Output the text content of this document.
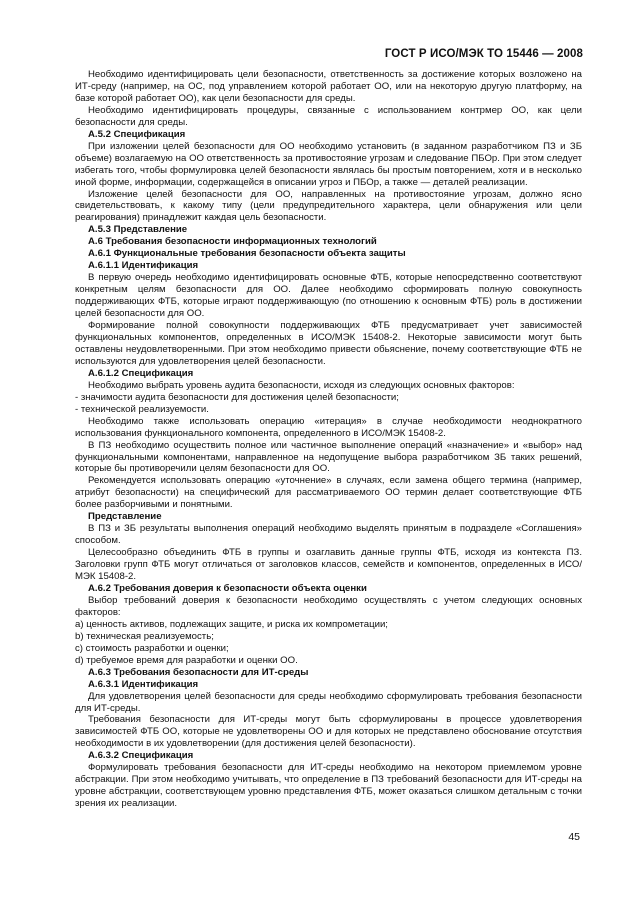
ГОСТ Р ИСО/МЭК ТО 15446 — 2008

Необходимо идентифицировать цели безопасности, ответственность за достижение которых возложено на ИТ-среду (например, на ОС, под управлением которой работает ОО, или на некоторую другую платформу, на базе которой работает ОО), как цели безопасности для среды.

Необходимо идентифицировать процедуры, связанные с использованием контрмер ОО, как цели безопасности для среды.

А.5.2 Спецификация

При изложении целей безопасности для ОО необходимо установить (в заданном разработчиком ПЗ и ЗБ объеме) возлагаемую на ОО ответственность за противостояние угрозам и следование ПБОр. При этом следует избегать того, чтобы формулировка целей безопасности являлась бы простым повторением, хотя и в несколько иной форме, информации, содержащейся в описании угроз и ПБОр, а также — деталей реализации.

Изложение целей безопасности для ОО, направленных на противостояние угрозам, должно ясно свидетельствовать, к какому типу (цели предупредительного характера, цели обнаружения или цели реагирования) принадлежит каждая цель безопасности.

А.5.3 Представление

А.6 Требования безопасности информационных технологий

А.6.1 Функциональные требования безопасности объекта защиты

А.6.1.1 Идентификация

В первую очередь необходимо идентифицировать основные ФТБ, которые непосредственно соответствуют конкретным целям безопасности для ОО. Далее необходимо сформировать полную совокупность поддерживающих ФТБ, которые играют поддерживающую (по отношению к основным ФТБ) роль в достижении целей безопасности для ОО.

Формирование полной совокупности поддерживающих ФТБ предусматривает учет зависимостей функциональных компонентов, определенных в ИСО/МЭК 15408-2. Некоторые зависимости могут быть оставлены неудовлетворенными. При этом необходимо привести обьяснение, почему соответствующие ФТБ не используются для удовлетворения целей безопасности.

А.6.1.2 Спецификация

Необходимо выбрать уровень аудита безопасности, исходя из следующих основных факторов:

- значимости аудита безопасности для достижения целей безопасности;

- технической реализуемости.

Необходимо также использовать операцию «итерация» в случае необходимости неоднократного использования функционального компонента, определенного в ИСО/МЭК 15408-2.

В ПЗ необходимо осуществить полное или частичное выполнение операций «назначение» и «выбор» над функциональными компонентами, направленное на недопущение выбора разработчиком ЗБ таких решений, которые бы противоречили целям безопасности для ОО.

Рекомендуется использовать операцию «уточнение» в случаях, если замена общего термина (например, атрибут безопасности) на специфический для рассматриваемого ОО термин делает соответствующие ФТБ более разборчивыми и понятными.

Представление

В ПЗ и ЗБ результаты выполнения операций необходимо выделять принятым в подразделе «Соглашения» способом.

Целесообразно объединить ФТБ в группы и озаглавить данные группы ФТБ, исходя из контекста ПЗ. Заголовки групп ФТБ могут отличаться от заголовков классов, семейств и компонентов, определенных в ИСО/МЭК 15408-2.

А.6.2 Требования доверия к безопасности объекта оценки

Выбор требований доверия к безопасности необходимо осуществлять с учетом следующих основных факторов:

a) ценность активов, подлежащих защите, и риска их компрометации;

b) техническая реализуемость;

c) стоимость разработки и оценки;

d) требуемое время для разработки и оценки ОО.

А.6.3 Требования безопасности для ИТ-среды

А.6.3.1 Идентификация

Для удовлетворения целей безопасности для среды необходимо сформулировать требования безопасности для ИТ-среды.

Требования безопасности для ИТ-среды могут быть сформулированы в процессе удовлетворения зависимостей ФТБ ОО, которые не удовлетворены ОО и для которых не представлено обоснование отсутствия необходимости в их удовлетворении (для достижения целей безопасности).

А.6.3.2 Спецификация

Формулировать требования безопасности для ИТ-среды необходимо на некотором приемлемом уровне абстракции. При этом необходимо учитывать, что определение в ПЗ требований безопасности для ИТ-среды на уровне абстракции, соответствующем уровню представления ФТБ, может оказаться слишком детальным с точки зрения их реализации.

45
